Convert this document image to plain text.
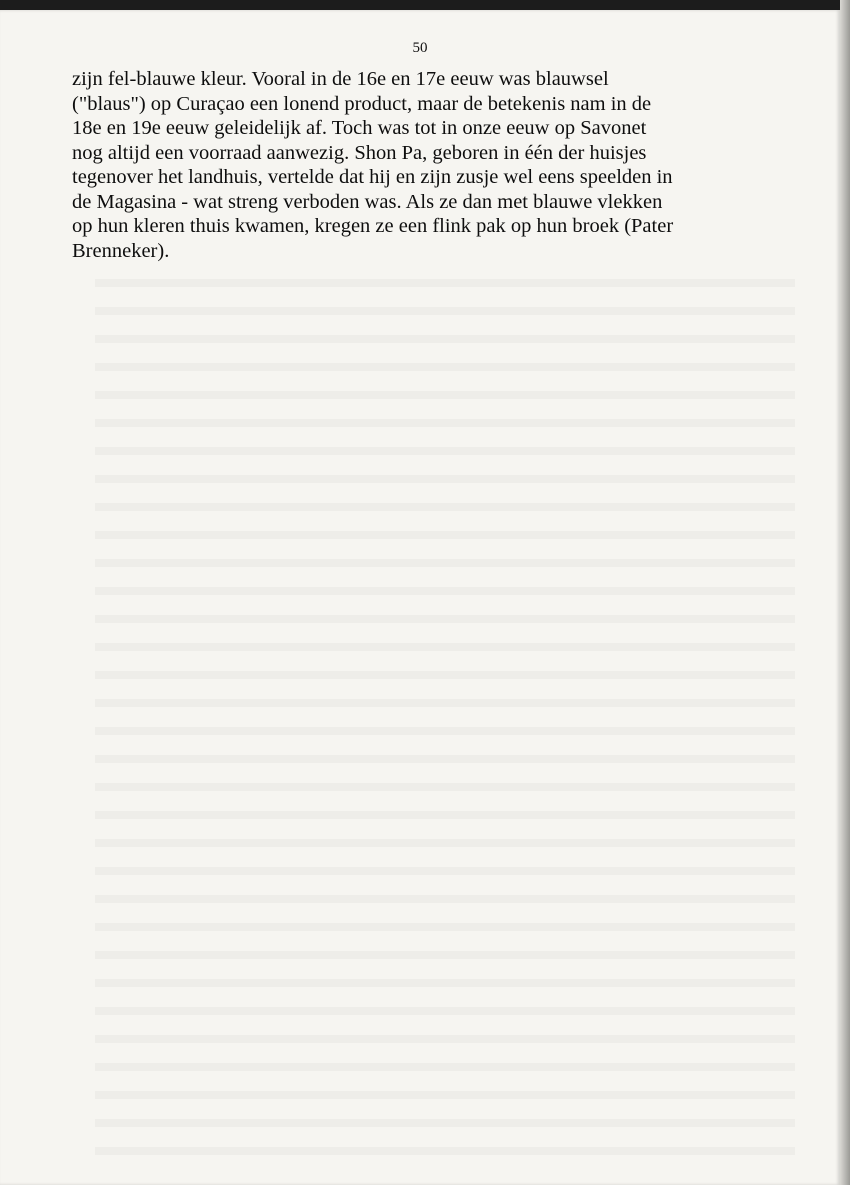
50

zijn fel-blauwe kleur. Vooral in de 16e en 17e eeuw was blauwsel
("blaus") op Curaçao een lonend product, maar de betekenis nam in de
18e en 19e eeuw geleidelijk af. Toch was tot in onze eeuw op Savonet
nog altijd een voorraad aanwezig. Shon Pa, geboren in één der huisjes
tegenover het landhuis, vertelde dat hij en zijn zusje wel eens speelden in
de Magasina - wat streng verboden was. Als ze dan met blauwe vlekken
op hun kleren thuis kwamen, kregen ze een flink pak op hun broek (Pater
Brenneker).
